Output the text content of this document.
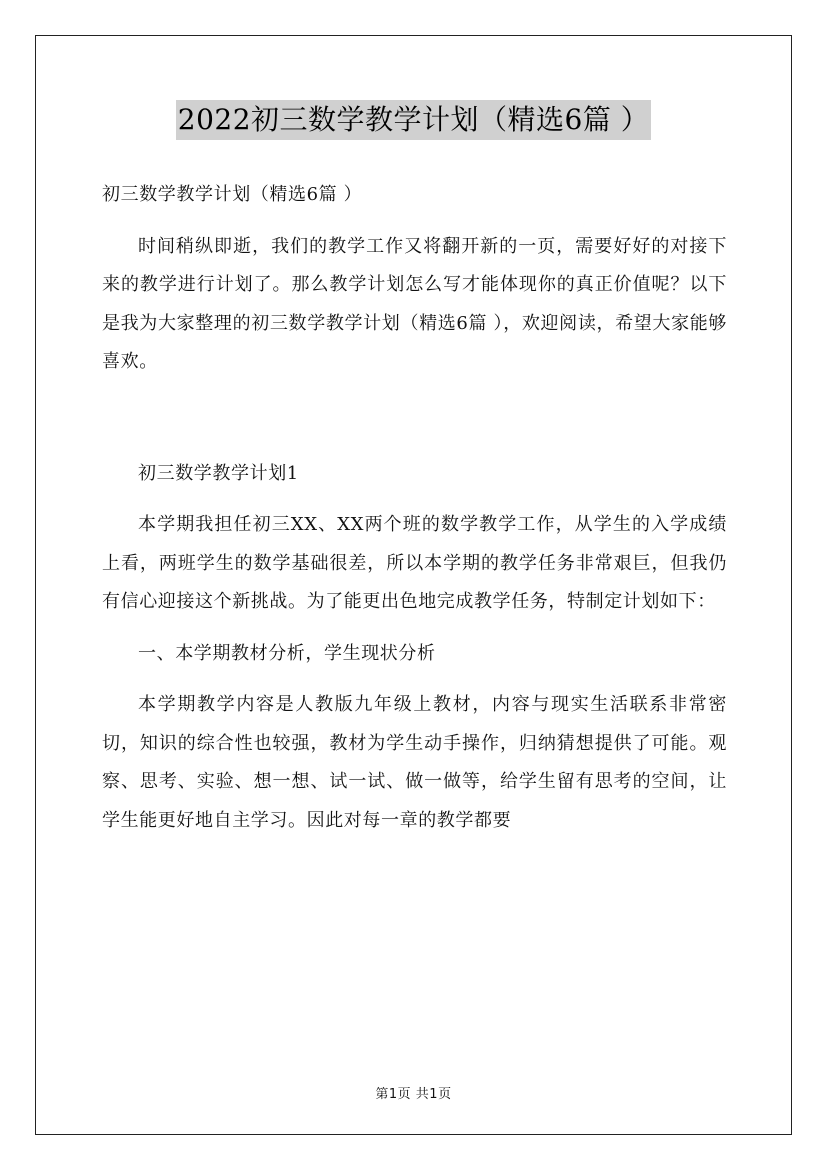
2022初三数学教学计划（精选6篇 ）

初三数学教学计划（精选6篇 ）

时间稍纵即逝，我们的教学工作又将翻开新的一页，需要好好的对接下来的教学进行计划了。那么教学计划怎么写才能体现你的真正价值呢？以下是我为大家整理的初三数学教学计划（精选6篇 ），欢迎阅读，希望大家能够喜欢。

初三数学教学计划1

本学期我担任初三XX、XX两个班的数学教学工作，从学生的入学成绩上看，两班学生的数学基础很差，所以本学期的教学任务非常艰巨，但我仍有信心迎接这个新挑战。为了能更出色地完成教学任务，特制定计划如下：

一、本学期教材分析，学生现状分析

本学期教学内容是人教版九年级上教材，内容与现实生活联系非常密切，知识的综合性也较强，教材为学生动手操作，归纳猜想提供了可能。观察、思考、实验、想一想、试一试、做一做等，给学生留有思考的空间，让学生能更好地自主学习。因此对每一章的教学都要

第1页 共1页
